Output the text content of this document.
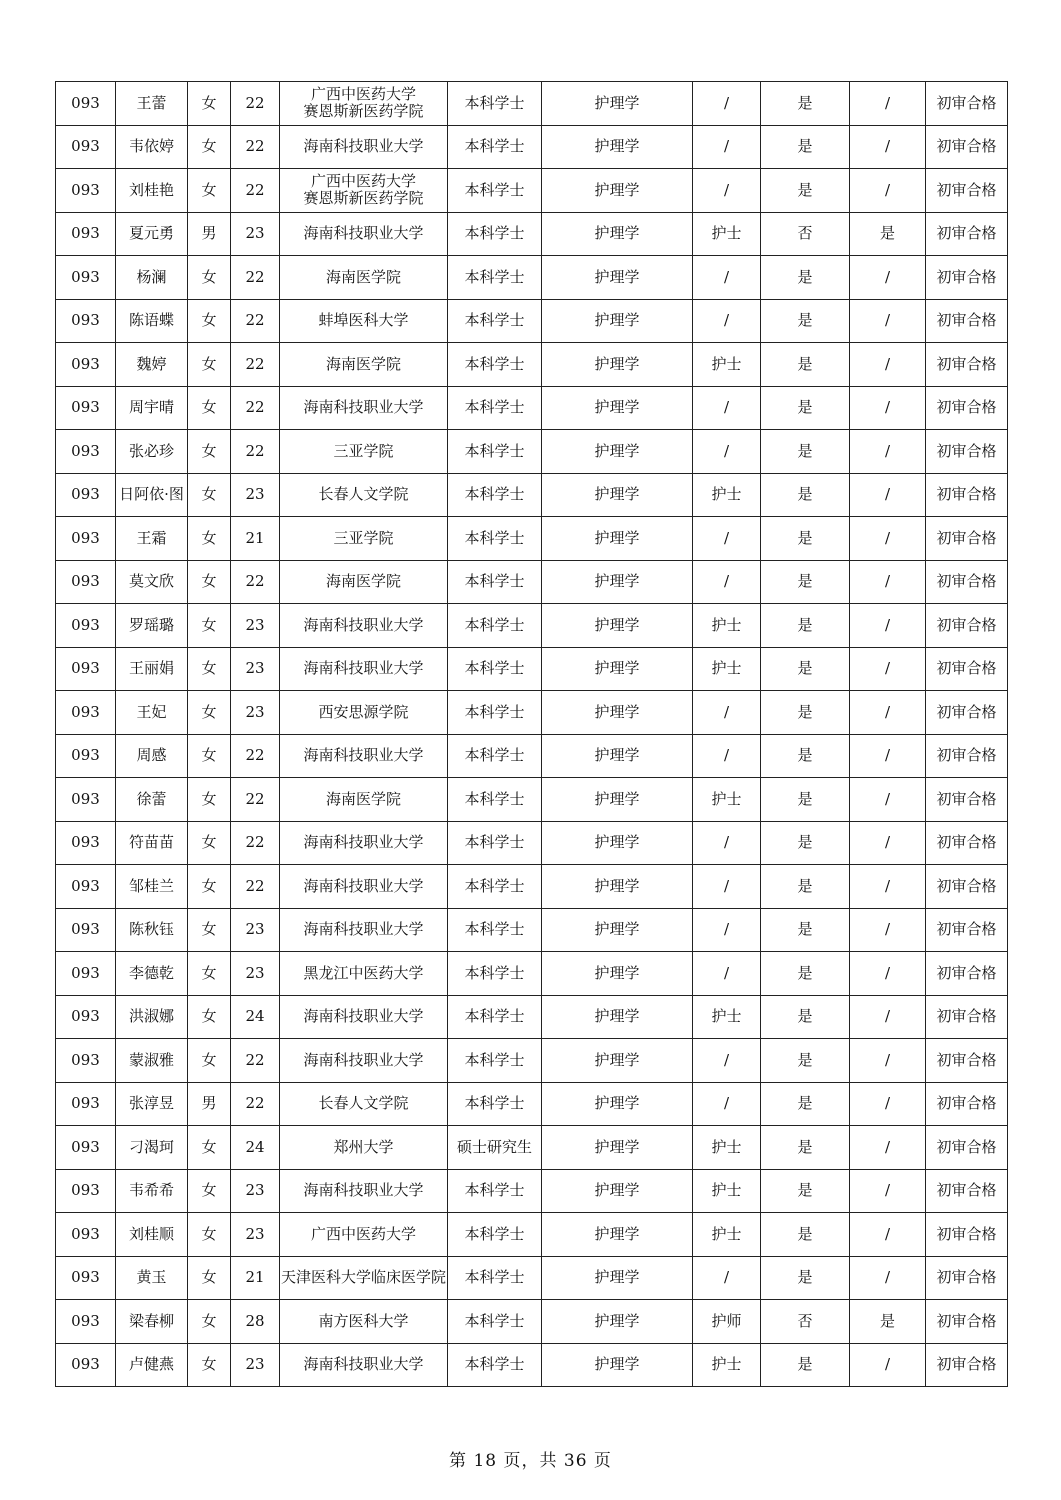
093	王蕾	女	22	广西中医药大学
赛恩斯新医药学院	本科学士	护理学	/	是	/	初审合格
093	韦依婷	女	22	海南科技职业大学	本科学士	护理学	/	是	/	初审合格
093	刘桂艳	女	22	广西中医药大学
赛恩斯新医药学院	本科学士	护理学	/	是	/	初审合格
093	夏元勇	男	23	海南科技职业大学	本科学士	护理学	护士	否	是	初审合格
093	杨澜	女	22	海南医学院	本科学士	护理学	/	是	/	初审合格
093	陈语蝶	女	22	蚌埠医科大学	本科学士	护理学	/	是	/	初审合格
093	魏婷	女	22	海南医学院	本科学士	护理学	护士	是	/	初审合格
093	周宇晴	女	22	海南科技职业大学	本科学士	护理学	/	是	/	初审合格
093	张必珍	女	22	三亚学院	本科学士	护理学	/	是	/	初审合格
093	日阿依·图	女	23	长春人文学院	本科学士	护理学	护士	是	/	初审合格
093	王霜	女	21	三亚学院	本科学士	护理学	/	是	/	初审合格
093	莫文欣	女	22	海南医学院	本科学士	护理学	/	是	/	初审合格
093	罗瑶璐	女	23	海南科技职业大学	本科学士	护理学	护士	是	/	初审合格
093	王丽娟	女	23	海南科技职业大学	本科学士	护理学	护士	是	/	初审合格
093	王妃	女	23	西安思源学院	本科学士	护理学	/	是	/	初审合格
093	周感	女	22	海南科技职业大学	本科学士	护理学	/	是	/	初审合格
093	徐蕾	女	22	海南医学院	本科学士	护理学	护士	是	/	初审合格
093	符苗苗	女	22	海南科技职业大学	本科学士	护理学	/	是	/	初审合格
093	邹桂兰	女	22	海南科技职业大学	本科学士	护理学	/	是	/	初审合格
093	陈秋钰	女	23	海南科技职业大学	本科学士	护理学	/	是	/	初审合格
093	李德乾	女	23	黑龙江中医药大学	本科学士	护理学	/	是	/	初审合格
093	洪淑娜	女	24	海南科技职业大学	本科学士	护理学	护士	是	/	初审合格
093	蒙淑雅	女	22	海南科技职业大学	本科学士	护理学	/	是	/	初审合格
093	张淳昱	男	22	长春人文学院	本科学士	护理学	/	是	/	初审合格
093	刁渴珂	女	24	郑州大学	硕士研究生	护理学	护士	是	/	初审合格
093	韦希希	女	23	海南科技职业大学	本科学士	护理学	护士	是	/	初审合格
093	刘桂顺	女	23	广西中医药大学	本科学士	护理学	护士	是	/	初审合格
093	黄玉	女	21	天津医科大学临床医学院	本科学士	护理学	/	是	/	初审合格
093	梁春柳	女	28	南方医科大学	本科学士	护理学	护师	否	是	初审合格
093	卢健燕	女	23	海南科技职业大学	本科学士	护理学	护士	是	/	初审合格
第 18 页，共 36 页
